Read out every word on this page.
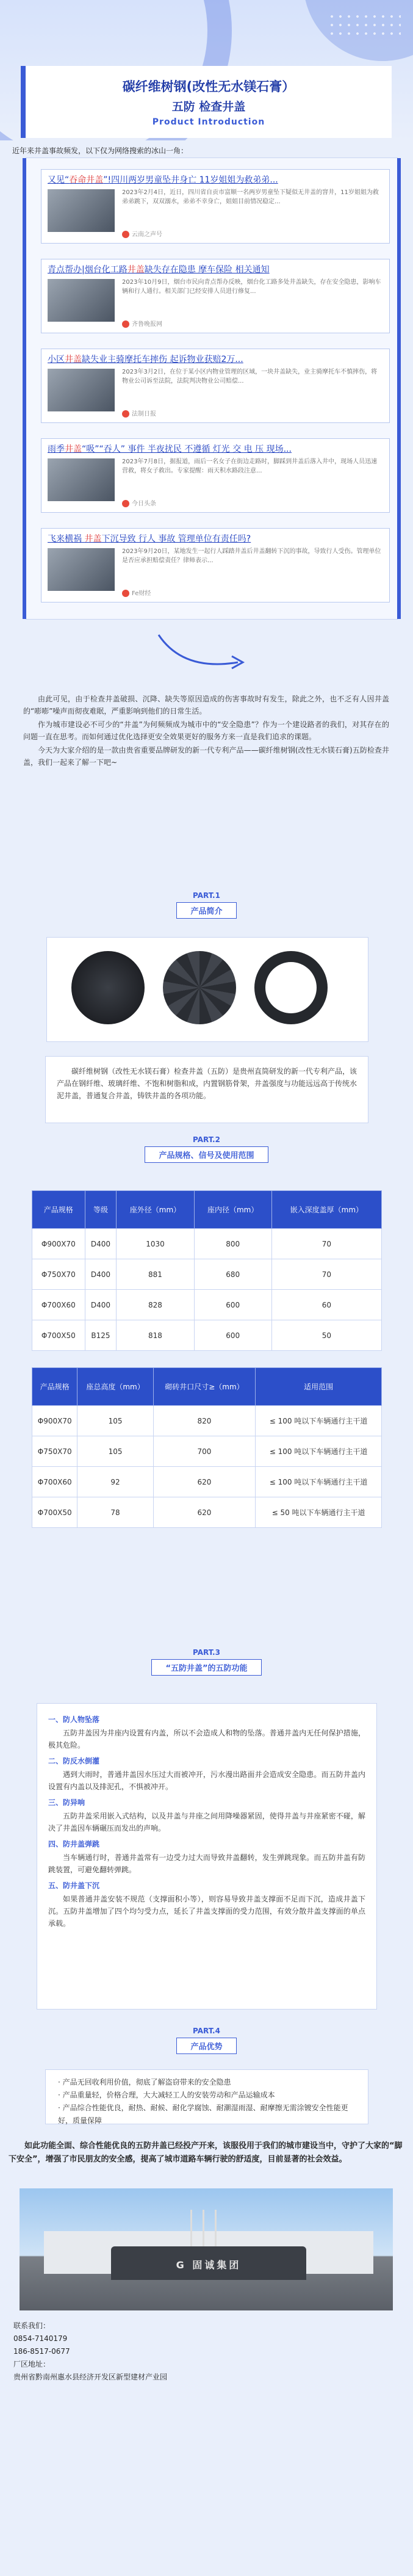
碳纤维树钢(改性无水镁石膏）
五防 检查井盖
Product Introduction
近年来井盖事故频发，以下仅为网络搜索的冰山一角：
又见“吞命井盖”!四川两岁男童坠井身亡 11岁姐姐为救弟弟...
2023年2月4日，近日，四川省自贡市富顺一名两岁男童坠下疑似无井盖的窨井，11岁姐姐为救弟弟跳下，双双溺水，弟弟不幸身亡，姐姐目前情况稳定...
云南之声号
青点帮办|烟台化工路井盖缺失存在隐患 摩车保险 相关通知
2023年10月9日，烟台市民向青点帮办反映，烟台化工路多处井盖缺失，存在安全隐患，影响车辆和行人通行。相关部门已经安排人员进行修复...
齐鲁晚报网
小区井盖缺失业主骑摩托车摔伤 起诉物业获赔2万...
2023年3月2日，在位于某小区内物业管理的区域，一块井盖缺失，业主骑摩托车不慎摔伤，将物业公司诉至法院，法院判决物业公司赔偿...
法制日报
雨季井盖“吸”“吞人” 事件 半夜扰民 不遵循 灯光 交 电 压 现场...
2023年7月8日，据报道，雨后一名女子在街边走路时，脚踩到井盖后落入井中，现场人员迅速营救，将女子救出。专家提醒：雨天积水路段注意...
今日头条
飞来横祸 井盖下沉导致 行人 事故 管理单位有责任吗?
2023年9月20日，某地发生一起行人踩踏井盖后井盖翻转下沉的事故，导致行人受伤。管理单位是否应承担赔偿责任？律师表示...
Fe财经

由此可见，由于检查井盖破损、沉降、缺失等原因造成的伤害事故时有发生，除此之外，也不乏有人因井盖的“嘭嘭”噪声而彻夜难眠，严重影响到他们的日常生活。

作为城市建设必不可少的“井盖”为何频频成为城市中的“安全隐患”？作为一个建设路者的我们，对其存在的问题一直在思考。而如何通过优化选择更安全效果更好的服务方来一直是我们追求的课题。

今天为大家介绍的是一款由贵省重要品牌研发的新一代专利产品——碳纤维树钢(改性无水镁石膏)五防检查井盖，我们一起来了解一下吧~

PART.1
产品简介
碳纤维树钢（改性无水镁石膏）检查井盖（五防）是贵州直筒研发的新一代专利产品，该产品在钢纤维、玻璃纤维、不饱和树脂和成，内置钢筋骨架，井盖强度与功能远远高于传统水泥井盖，普通复合井盖，铸铁井盖的各项功能。
PART.2
产品规格、信号及使用范围
产品规格	等级	座外径（mm）	座内径（mm）	嵌入深度盖厚（mm）
Φ900X70	D400	1030	800	70
Φ750X70	D400	881	680	70
Φ700X60	D400	828	600	60
Φ700X50	B125	818	600	50
产品规格	座总高度（mm）	砌砖井口尺寸≥（mm）	适用范围
Φ900X70	105	820	≤ 100 吨以下车辆通行主干道
Φ750X70	105	700	≤ 100 吨以下车辆通行主干道
Φ700X60	92	620	≤ 100 吨以下车辆通行主干道
Φ700X50	78	620	≤ 50 吨以下车辆通行主干道
PART.3
“五防井盖”的五防功能
一、防人物坠落
五防井盖因为井座内设置有内盖，所以不会造成人和物的坠落。普通井盖内无任何保护措施，极其危险。
二、防反水倒灌
遇到大雨时，普通井盖因水压过大而被冲开，污水漫出路面并会造成安全隐患。而五防井盖内设置有内盖以及排泥孔，不惧被冲开。
三、防异响
五防井盖采用嵌入式结构，以及井盖与井座之间用降噪器紧固，使得井盖与井座紧密不碰，解决了井盖因车辆碾压而发出的声响。
四、防井盖弹跳
当车辆通行时，普通井盖常有一边受力过大而导致井盖翻转，发生弹跳现象。而五防井盖有防跳装置，可避免翻转弹跳。
五、防井盖下沉
如果普通井盖安装不规范（支撑面积小等），则容易导致井盖支撑面不足而下沉，造成井盖下沉。五防井盖增加了四个均匀受力点，延长了井盖支撑面的受力范围，有效分散井盖支撑面的单点承载。
PART.4
产品优势
· 产品无回收利用价值，彻底了解盗窃带来的安全隐患
· 产品重量轻，价格合理，大大减轻工人的安装劳动和产品运输成本
· 产品综合性能优良，耐热、耐候、耐化学腐蚀、耐潮湿雨湿、耐摩擦无需涂镀安全性能更好，质量保障
如此功能全面、综合性能优良的五防井盖已经投产开来，该服役用于我们的城市建设当中，守护了大家的“脚下安全”，增强了市民朋友的安全感，提高了城市道路车辆行驶的舒适度，目前显著的社会效益。
G 固诚集团
联系我们：
0854-7140179
186-8517-0677
厂区地址：
贵州省黔南州惠水县经济开发区新型建材产业园
